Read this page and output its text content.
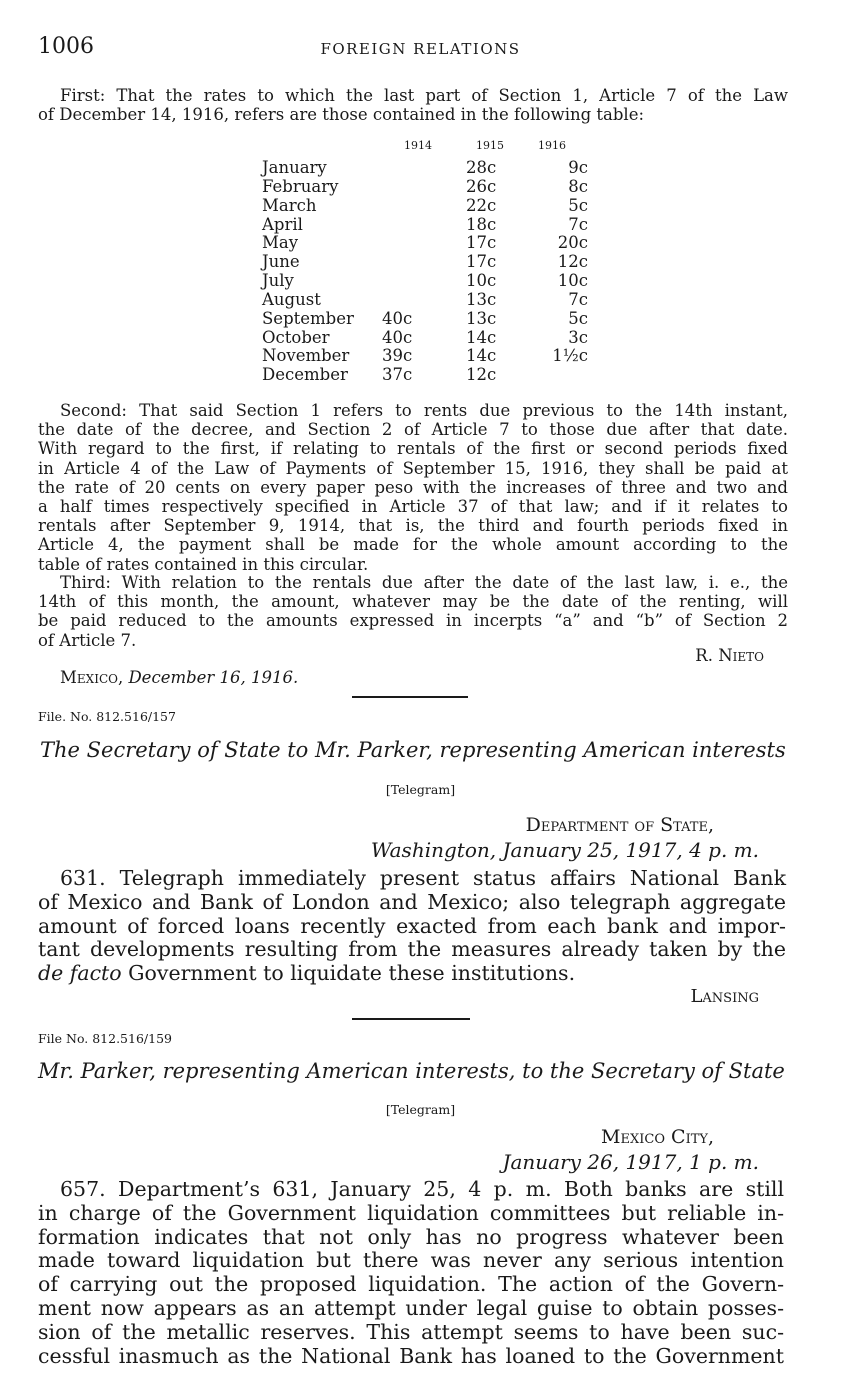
1006	FOREIGN RELATIONS
First: That the rates to which the last part of Section 1, Article 7 of the Law
of December 14, 1916, refers are those contained in the following table:
	1914	1915	1916
January		28c	9c
February		26c	8c
March		22c	5c
April		18c	7c
May		17c	20c
June		17c	12c
July		10c	10c
August		13c	7c
September	40c	13c	5c
October	40c	14c	3c
November	39c	14c	1½c
December	37c	12c	
Second: That said Section 1 refers to rents due previous to the 14th instant,
the date of the decree, and Section 2 of Article 7 to those due after that date.
With regard to the first, if relating to rentals of the first or second periods fixed
in Article 4 of the Law of Payments of September 15, 1916, they shall be paid at
the rate of 20 cents on every paper peso with the increases of three and two and
a half times respectively specified in Article 37 of that law; and if it relates to
rentals after September 9, 1914, that is, the third and fourth periods fixed in
Article 4, the payment shall be made for the whole amount according to the
table of rates contained in this circular.
Third: With relation to the rentals due after the date of the last law, i. e., the
14th of this month, the amount, whatever may be the date of the renting, will
be paid reduced to the amounts expressed in incerpts “a” and “b” of Section 2
of Article 7.
R. Nieto
Mexico, December 16, 1916.
File. No. 812.516/157
The Secretary of State to Mr. Parker, representing American interests
[Telegram]
Department of State,
Washington, January 25, 1917, 4 p. m.
631. Telegraph immediately present status affairs National Bank
of Mexico and Bank of London and Mexico; also telegraph aggregate
amount of forced loans recently exacted from each bank and impor-
tant developments resulting from the measures already taken by the
de facto Government to liquidate these institutions.
Lansing
File No. 812.516/159
Mr. Parker, representing American interests, to the Secretary of State
[Telegram]
Mexico City,
January 26, 1917, 1 p. m.
657. Department’s 631, January 25, 4 p. m. Both banks are still
in charge of the Government liquidation committees but reliable in-
formation indicates that not only has no progress whatever been
made toward liquidation but there was never any serious intention
of carrying out the proposed liquidation. The action of the Govern-
ment now appears as an attempt under legal guise to obtain posses-
sion of the metallic reserves. This attempt seems to have been suc-
cessful inasmuch as the National Bank has loaned to the Government
